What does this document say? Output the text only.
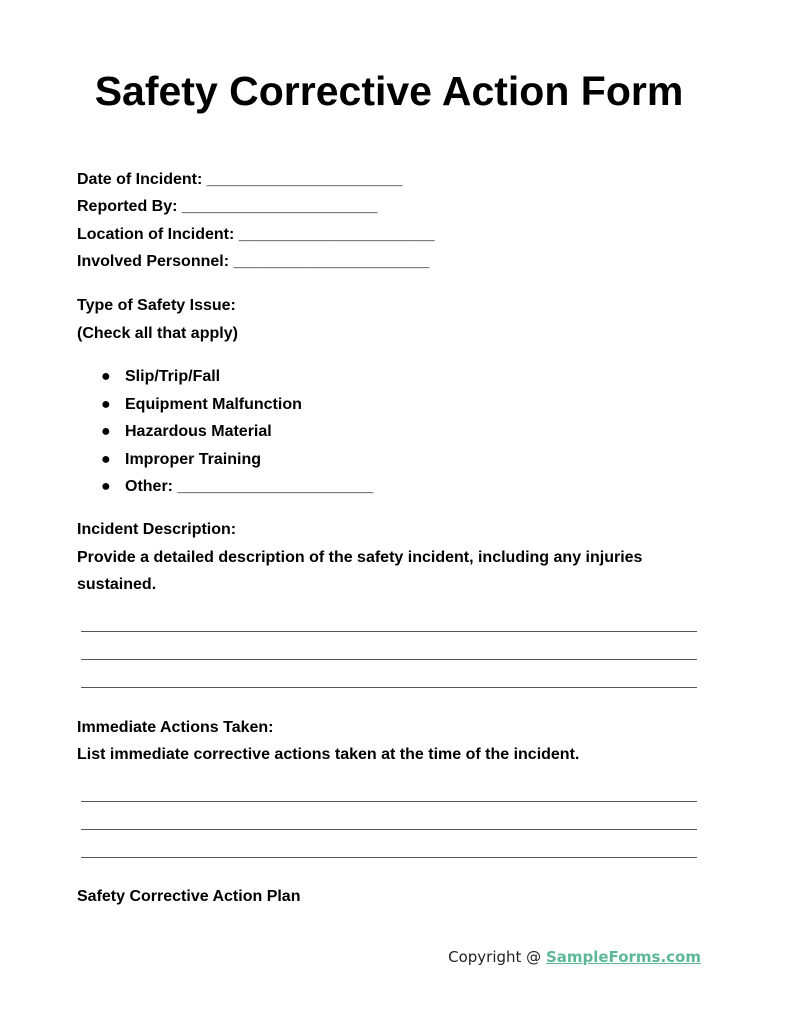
Safety Corrective Action Form
Date of Incident: ______________________
Reported By: ______________________
Location of Incident: ______________________
Involved Personnel: ______________________
Type of Safety Issue:
(Check all that apply)
● Slip/Trip/Fall
● Equipment Malfunction
● Hazardous Material
● Improper Training
● Other: ______________________
Incident Description:
Provide a detailed description of the safety incident, including any injuries
sustained.
Immediate Actions Taken:
List immediate corrective actions taken at the time of the incident.
Safety Corrective Action Plan
Copyright @ SampleForms.com
